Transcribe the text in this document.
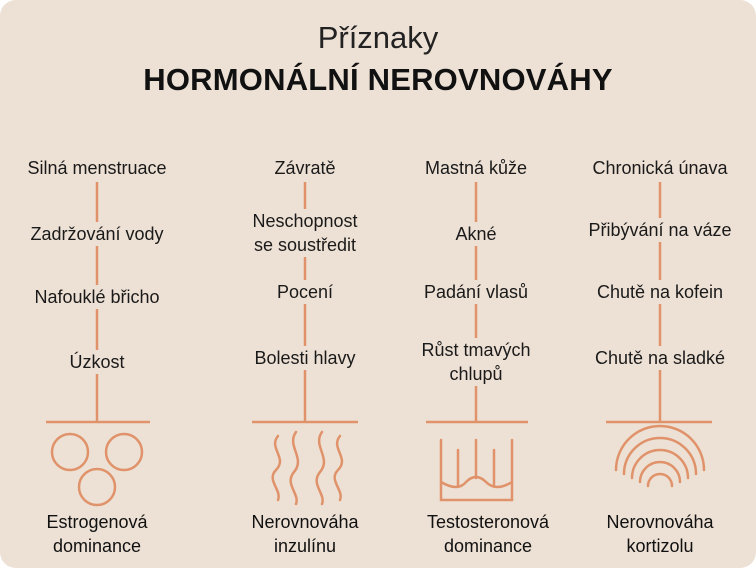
Příznaky
HORMONÁLNÍ NEROVNOVÁHY
Silná menstruace
Zadržování vody
Nafouklé břicho
Úzkost
Závratě
Neschopnost
se soustředit
Pocení
Bolesti hlavy
Mastná kůže
Akné
Padání vlasů
Růst tmavých
chlupů
Chronická únava
Přibývání na váze
Chutě na kofein
Chutě na sladké
Estrogenová
dominance
Nerovnováha
inzulínu
Testosteronová
dominance
Nerovnováha
kortizolu
